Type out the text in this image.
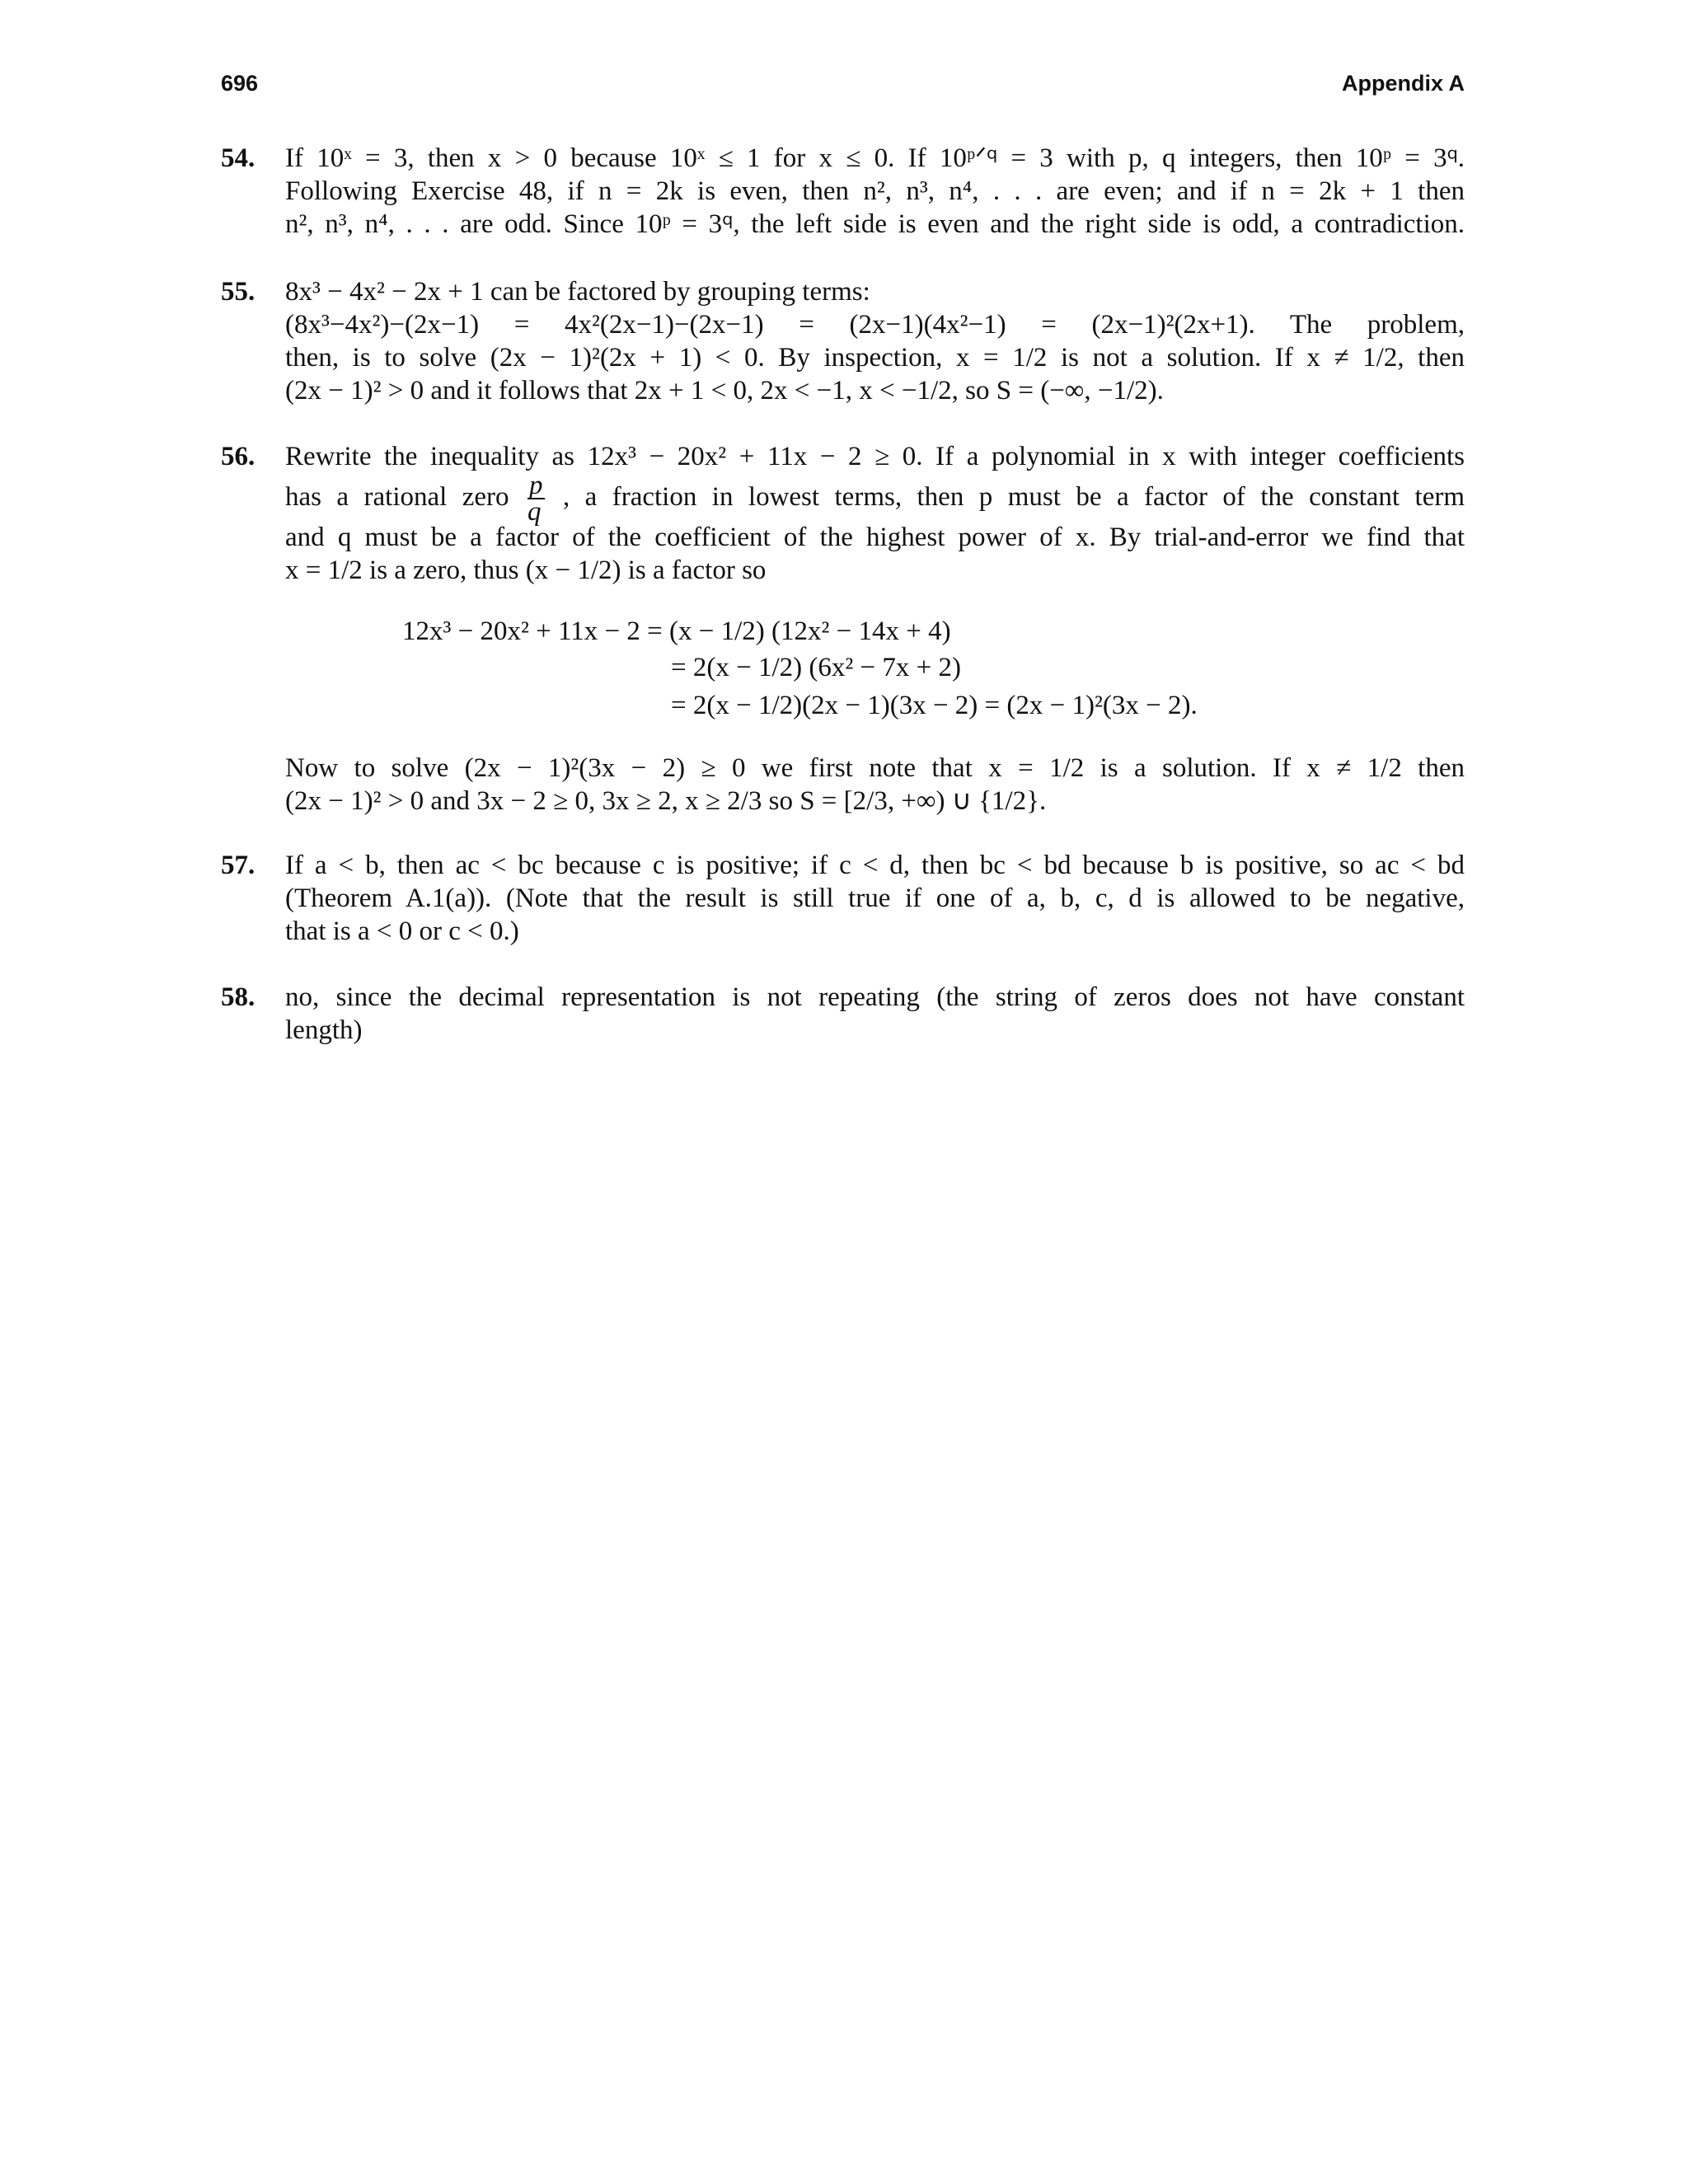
696	Appendix A
54. If 10ˣ = 3, then x > 0 because 10ˣ ≤ 1 for x ≤ 0. If 10ᵖᐟ𐞥 = 3 with p, q integers, then 10ᵖ = 3𐞥.
Following Exercise 48, if n = 2k is even, then n², n³, n⁴, . . . are even; and if n = 2k + 1 then
n², n³, n⁴, . . . are odd. Since 10ᵖ = 3𐞥, the left side is even and the right side is odd, a contradiction.
55. 8x³ − 4x² − 2x + 1 can be factored by grouping terms:
(8x³−4x²)−(2x−1) = 4x²(2x−1)−(2x−1) = (2x−1)(4x²−1) = (2x−1)²(2x+1). The problem,
then, is to solve (2x − 1)²(2x + 1) < 0. By inspection, x = 1/2 is not a solution. If x ≠ 1/2, then
(2x − 1)² > 0 and it follows that 2x + 1 < 0, 2x < −1, x < −1/2, so S = (−∞, −1/2).
56. Rewrite the inequality as 12x³ − 20x² + 11x − 2 ≥ 0. If a polynomial in x with integer coefficients
has a rational zero $\frac{p}{q}$ , a fraction in lowest terms, then p must be a factor of the constant term
and q must be a factor of the coefficient of the highest power of x. By trial-and-error we find that
x = 1/2 is a zero, thus (x − 1/2) is a factor so
12x³ − 20x² + 11x − 2 = (x − 1/2) (12x² − 14x + 4)
= 2(x − 1/2) (6x² − 7x + 2)
= 2(x − 1/2)(2x − 1)(3x − 2) = (2x − 1)²(3x − 2).
Now to solve (2x − 1)²(3x − 2) ≥ 0 we first note that x = 1/2 is a solution. If x ≠ 1/2 then
(2x − 1)² > 0 and 3x − 2 ≥ 0, 3x ≥ 2, x ≥ 2/3 so S = [2/3, +∞) ∪ {1/2}.
57. If a < b, then ac < bc because c is positive; if c < d, then bc < bd because b is positive, so ac < bd
(Theorem A.1(a)). (Note that the result is still true if one of a, b, c, d is allowed to be negative,
that is a < 0 or c < 0.)
58. no, since the decimal representation is not repeating (the string of zeros does not have constant
length)
